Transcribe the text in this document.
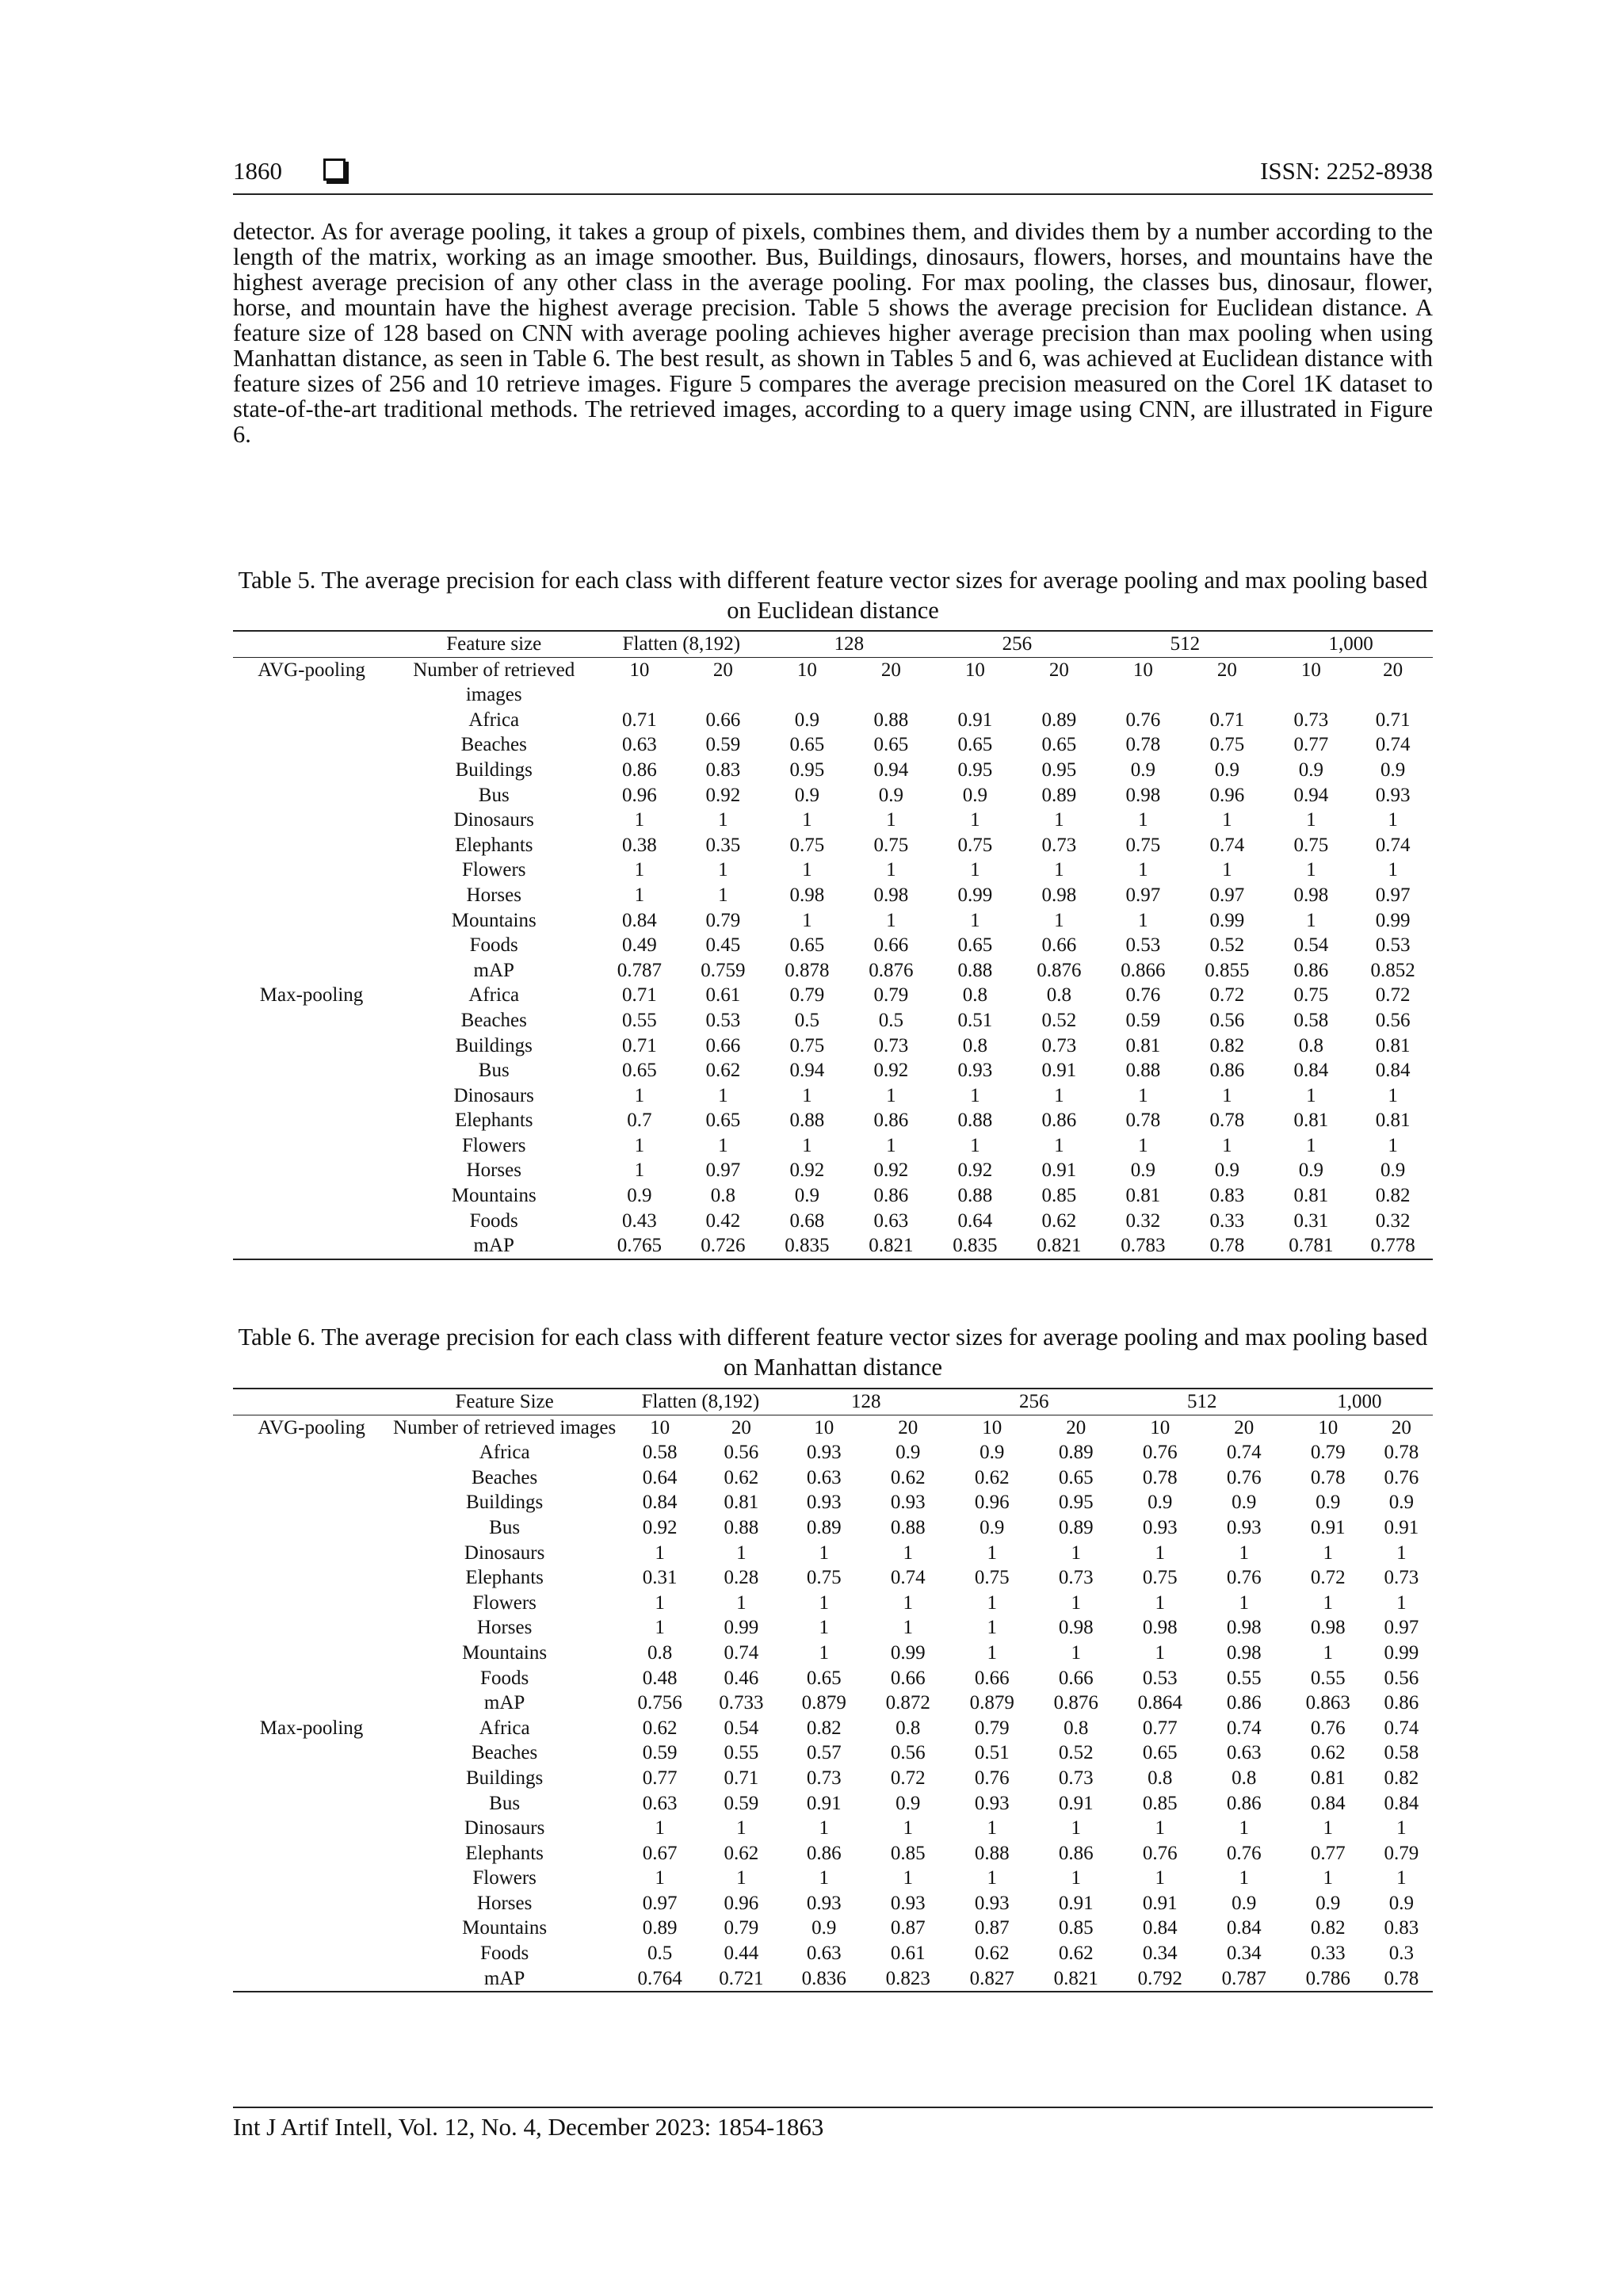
1860	ISSN: 2252-8938
detector. As for average pooling, it takes a group of pixels, combines them, and divides them by a number according to the length of the matrix, working as an image smoother. Bus, Buildings, dinosaurs, flowers, horses, and mountains have the highest average precision of any other class in the average pooling. For max pooling, the classes bus, dinosaur, flower, horse, and mountain have the highest average precision. Table 5 shows the average precision for Euclidean distance. A feature size of 128 based on CNN with average pooling achieves higher average precision than max pooling when using Manhattan distance, as seen in Table 6. The best result, as shown in Tables 5 and 6, was achieved at Euclidean distance with feature sizes of 256 and 10 retrieve images. Figure 5 compares the average precision measured on the Corel 1K dataset to state-of-the-art traditional methods. The retrieved images, according to a query image using CNN, are illustrated in Figure 6.
Table 5. The average precision for each class with different feature vector sizes for average pooling and max pooling based on Euclidean distance
	Feature size	Flatten (8,192)		128		256		512		1,000	
AVG-pooling	Number of retrieved images	10	20	10	20	10	20	10	20	10	20
	Africa	0.71	0.66	0.9	0.88	0.91	0.89	0.76	0.71	0.73	0.71
	Beaches	0.63	0.59	0.65	0.65	0.65	0.65	0.78	0.75	0.77	0.74
	Buildings	0.86	0.83	0.95	0.94	0.95	0.95	0.9	0.9	0.9	0.9
	Bus	0.96	0.92	0.9	0.9	0.9	0.89	0.98	0.96	0.94	0.93
	Dinosaurs	1	1	1	1	1	1	1	1	1	1
	Elephants	0.38	0.35	0.75	0.75	0.75	0.73	0.75	0.74	0.75	0.74
	Flowers	1	1	1	1	1	1	1	1	1	1
	Horses	1	1	0.98	0.98	0.99	0.98	0.97	0.97	0.98	0.97
	Mountains	0.84	0.79	1	1	1	1	1	0.99	1	0.99
	Foods	0.49	0.45	0.65	0.66	0.65	0.66	0.53	0.52	0.54	0.53
	mAP	0.787	0.759	0.878	0.876	0.88	0.876	0.866	0.855	0.86	0.852
Max-pooling	Africa	0.71	0.61	0.79	0.79	0.8	0.8	0.76	0.72	0.75	0.72
	Beaches	0.55	0.53	0.5	0.5	0.51	0.52	0.59	0.56	0.58	0.56
	Buildings	0.71	0.66	0.75	0.73	0.8	0.73	0.81	0.82	0.8	0.81
	Bus	0.65	0.62	0.94	0.92	0.93	0.91	0.88	0.86	0.84	0.84
	Dinosaurs	1	1	1	1	1	1	1	1	1	1
	Elephants	0.7	0.65	0.88	0.86	0.88	0.86	0.78	0.78	0.81	0.81
	Flowers	1	1	1	1	1	1	1	1	1	1
	Horses	1	0.97	0.92	0.92	0.92	0.91	0.9	0.9	0.9	0.9
	Mountains	0.9	0.8	0.9	0.86	0.88	0.85	0.81	0.83	0.81	0.82
	Foods	0.43	0.42	0.68	0.63	0.64	0.62	0.32	0.33	0.31	0.32
	mAP	0.765	0.726	0.835	0.821	0.835	0.821	0.783	0.78	0.781	0.778
Table 6. The average precision for each class with different feature vector sizes for average pooling and max pooling based on Manhattan distance
	Feature Size	Flatten (8,192)		128		256		512		1,000	
AVG-pooling	Number of retrieved images	10	20	10	20	10	20	10	20	10	20
	Africa	0.58	0.56	0.93	0.9	0.9	0.89	0.76	0.74	0.79	0.78
	Beaches	0.64	0.62	0.63	0.62	0.62	0.65	0.78	0.76	0.78	0.76
	Buildings	0.84	0.81	0.93	0.93	0.96	0.95	0.9	0.9	0.9	0.9
	Bus	0.92	0.88	0.89	0.88	0.9	0.89	0.93	0.93	0.91	0.91
	Dinosaurs	1	1	1	1	1	1	1	1	1	1
	Elephants	0.31	0.28	0.75	0.74	0.75	0.73	0.75	0.76	0.72	0.73
	Flowers	1	1	1	1	1	1	1	1	1	1
	Horses	1	0.99	1	1	1	0.98	0.98	0.98	0.98	0.97
	Mountains	0.8	0.74	1	0.99	1	1	1	0.98	1	0.99
	Foods	0.48	0.46	0.65	0.66	0.66	0.66	0.53	0.55	0.55	0.56
	mAP	0.756	0.733	0.879	0.872	0.879	0.876	0.864	0.86	0.863	0.86
Max-pooling	Africa	0.62	0.54	0.82	0.8	0.79	0.8	0.77	0.74	0.76	0.74
	Beaches	0.59	0.55	0.57	0.56	0.51	0.52	0.65	0.63	0.62	0.58
	Buildings	0.77	0.71	0.73	0.72	0.76	0.73	0.8	0.8	0.81	0.82
	Bus	0.63	0.59	0.91	0.9	0.93	0.91	0.85	0.86	0.84	0.84
	Dinosaurs	1	1	1	1	1	1	1	1	1	1
	Elephants	0.67	0.62	0.86	0.85	0.88	0.86	0.76	0.76	0.77	0.79
	Flowers	1	1	1	1	1	1	1	1	1	1
	Horses	0.97	0.96	0.93	0.93	0.93	0.91	0.91	0.9	0.9	0.9
	Mountains	0.89	0.79	0.9	0.87	0.87	0.85	0.84	0.84	0.82	0.83
	Foods	0.5	0.44	0.63	0.61	0.62	0.62	0.34	0.34	0.33	0.3
	mAP	0.764	0.721	0.836	0.823	0.827	0.821	0.792	0.787	0.786	0.78
Int J Artif Intell, Vol. 12, No. 4, December 2023: 1854-1863
